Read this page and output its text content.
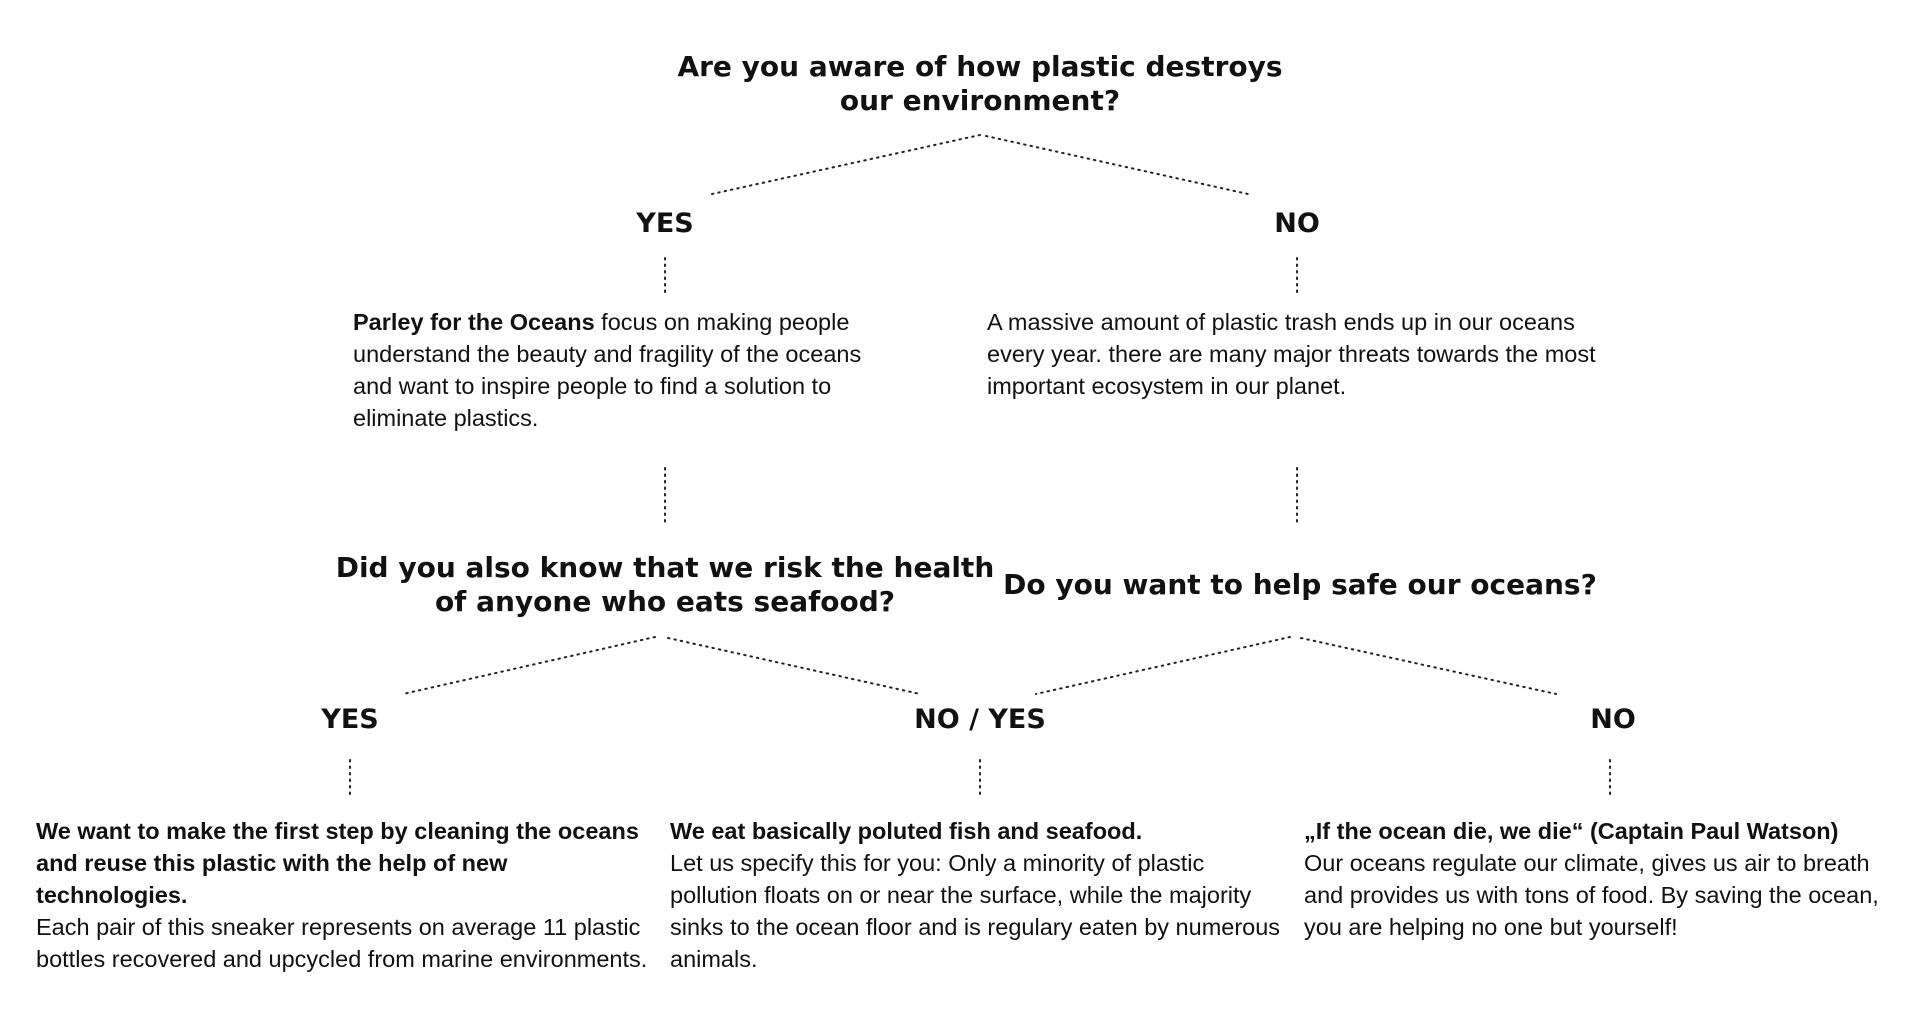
Are you aware of how plastic destroys our environment?

YES	NO

Parley for the Oceans focus on making people understand the beauty and fragility of the oceans and want to inspire people to find a solution to eliminate plastics.

A massive amount of plastic trash ends up in our oceans every year. there are many major threats towards the most important ecosystem in our planet.

Did you also know that we risk the health of anyone who eats seafood?

Do you want to help safe our oceans?

YES	NO / YES	NO

We want to make the first step by cleaning the oceans and reuse this plastic with the help of new technologies.
Each pair of this sneaker represents on average 11 plastic bottles recovered and upcycled from marine environments.

We eat basically poluted fish and seafood.
Let us specify this for you: Only a minority of plastic pollution floats on or near the surface, while the majority sinks to the ocean floor and is regulary eaten by numerous animals.

„If the ocean die, we die“ (Captain Paul Watson)
Our oceans regulate our climate, gives us air to breath and provides us with tons of food. By saving the ocean, you are helping no one but yourself!
